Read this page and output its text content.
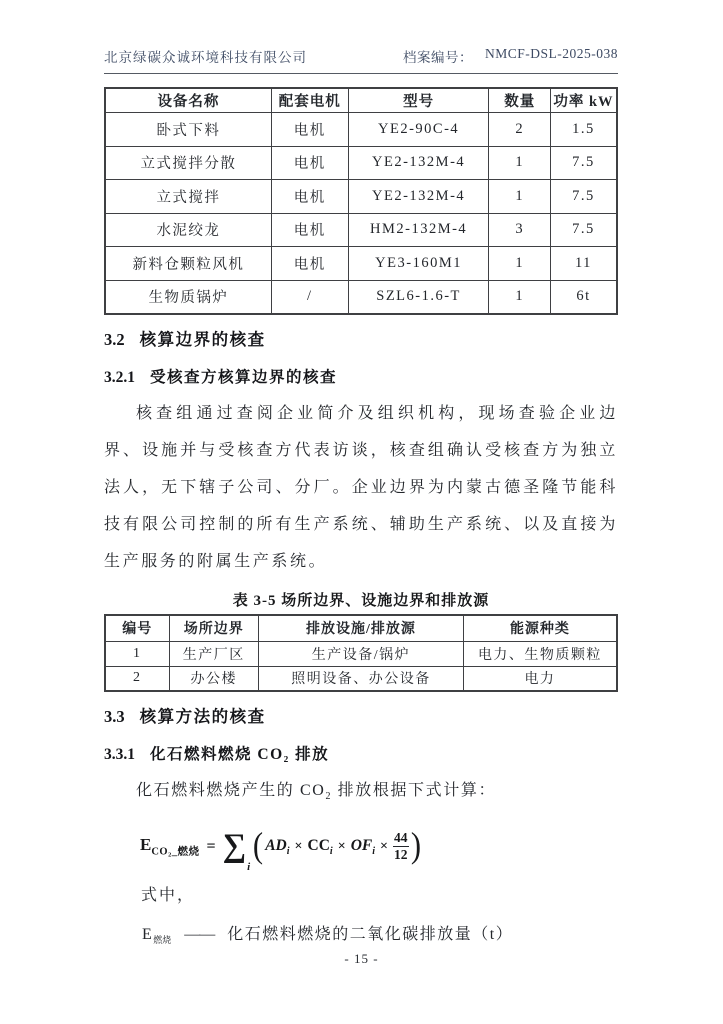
北京绿碳众诚环境科技有限公司	档案编号： NMCF-DSL-2025-038
设备名称	配套电机	型号	数量	功率 kW
卧式下料	电机	YE2-90C-4	2	1.5
立式搅拌分散	电机	YE2-132M-4	1	7.5
立式搅拌	电机	YE2-132M-4	1	7.5
水泥绞龙	电机	HM2-132M-4	3	7.5
新料仓颗粒风机	电机	YE3-160M1	1	11
生物质锅炉	/	SZL6-1.6-T	1	6t
3.2 核算边界的核查
3.2.1 受核查方核算边界的核查

核查组通过查阅企业简介及组织机构，现场查验企业边界、设施并与受核查方代表访谈，核查组确认受核查方为独立法人，无下辖子公司、分厂。企业边界为内蒙古德圣隆节能科技有限公司控制的所有生产系统、辅助生产系统、以及直接为生产服务的附属生产系统。

表 3-5 场所边界、设施边界和排放源
编号	场所边界	排放设施/排放源	能源种类
1	生产厂区	生产设备/锅炉	电力、生物质颗粒
2	办公楼	照明设备、办公设备	电力
3.3 核算方法的核查
3.3.1 化石燃料燃烧 CO₂ 排放

化石燃料燃烧产生的 $CO_2$ 排放根据下式计算：

$E_{CO_2\_燃烧} = \sum_i$
( $AD_i \times CC_i \times OF_i \times \frac{44}{12}$ )
式中，
$E_{燃烧}$ —— 化石燃料燃烧的二氧化碳排放量（t）
- 15 -
